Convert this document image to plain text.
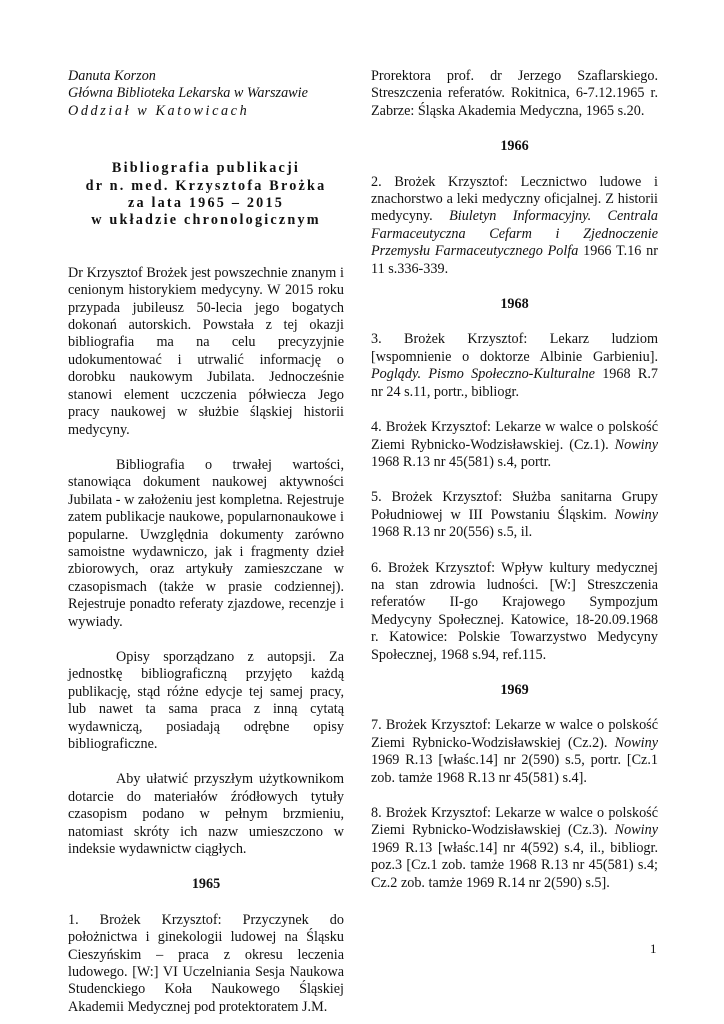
Danuta Korzon
Główna Biblioteka Lekarska w Warszawie
Oddział w Katowicach
Bibliografia publikacji
dr n. med. Krzysztofa Brożka
za lata 1965 – 2015
w układzie chronologicznym

Dr Krzysztof Brożek jest powszechnie znanym i cenionym historykiem medycyny. W 2015 roku przypada jubileusz 50-lecia jego bogatych dokonań autorskich. Powstała z tej okazji bibliografia ma na celu precyzyjnie udokumentować i utrwalić informację o dorobku naukowym Jubilata. Jednocześnie stanowi element uczczenia półwiecza Jego pracy naukowej w służbie śląskiej historii medycyny.

Bibliografia o trwałej wartości, stanowiąca dokument naukowej aktywności Jubilata - w założeniu jest kompletna. Rejestruje zatem publikacje naukowe, popularnonaukowe i popularne. Uwzględnia dokumenty zarówno samoistne wydawniczo, jak i fragmenty dzieł zbiorowych, oraz artykuły zamieszczane w czasopismach (także w prasie codziennej). Rejestruje ponadto referaty zjazdowe, recenzje i wywiady.

Opisy sporządzano z autopsji. Za jednostkę bibliograficzną przyjęto każdą publikację, stąd różne edycje tej samej pracy, lub nawet ta sama praca z inną cytatą wydawniczą, posiadają odrębne opisy bibliograficzne.

Aby ułatwić przyszłym użytkownikom dotarcie do materiałów źródłowych tytuły czasopism podano w pełnym brzmieniu, natomiast skróty ich nazw umieszczono w indeksie wydawnictw ciągłych.

1965

1. Brożek Krzysztof: Przyczynek do położnictwa i ginekologii ludowej na Śląsku Cieszyńskim – praca z okresu leczenia ludowego. [W:] VI Uczelniania Sesja Naukowa Studenckiego Koła Naukowego Śląskiej Akademii Medycznej pod protektoratem J.M.

Prorektora prof. dr Jerzego Szaflarskiego. Streszczenia referatów. Rokitnica, 6-7.12.1965 r. Zabrze: Śląska Akademia Medyczna, 1965 s.20.

1966

2. Brożek Krzysztof: Lecznictwo ludowe i znachorstwo a leki medyczny oficjalnej. Z historii medycyny. Biuletyn Informacyjny. Centrala Farmaceutyczna Cefarm i Zjednoczenie Przemysłu Farmaceutycznego Polfa 1966 T.16 nr 11 s.336-339.

1968

3. Brożek Krzysztof: Lekarz ludziom [wspomnienie o doktorze Albinie Garbieniu]. Poglądy. Pismo Społeczno-Kulturalne 1968 R.7 nr 24 s.11, portr., bibliogr.

4. Brożek Krzysztof: Lekarze w walce o polskość Ziemi Rybnicko-Wodzisławskiej. (Cz.1). Nowiny 1968 R.13 nr 45(581) s.4, portr.

5. Brożek Krzysztof: Służba sanitarna Grupy Południowej w III Powstaniu Śląskim. Nowiny 1968 R.13 nr 20(556) s.5, il.

6. Brożek Krzysztof: Wpływ kultury medycznej na stan zdrowia ludności. [W:] Streszczenia referatów II-go Krajowego Sympozjum Medycyny Społecznej. Katowice, 18-20.09.1968 r. Katowice: Polskie Towarzystwo Medycyny Społecznej, 1968 s.94, ref.115.

1969

7. Brożek Krzysztof: Lekarze w walce o polskość Ziemi Rybnicko-Wodzisławskiej (Cz.2). Nowiny 1969 R.13 [właśc.14] nr 2(590) s.5, portr. [Cz.1 zob. tamże 1968 R.13 nr 45(581) s.4].

8. Brożek Krzysztof: Lekarze w walce o polskość Ziemi Rybnicko-Wodzisławskiej (Cz.3). Nowiny 1969 R.13 [właśc.14] nr 4(592) s.4, il., bibliogr. poz.3 [Cz.1 zob. tamże 1968 R.13 nr 45(581) s.4; Cz.2 zob. tamże 1969 R.14 nr 2(590) s.5].

1
